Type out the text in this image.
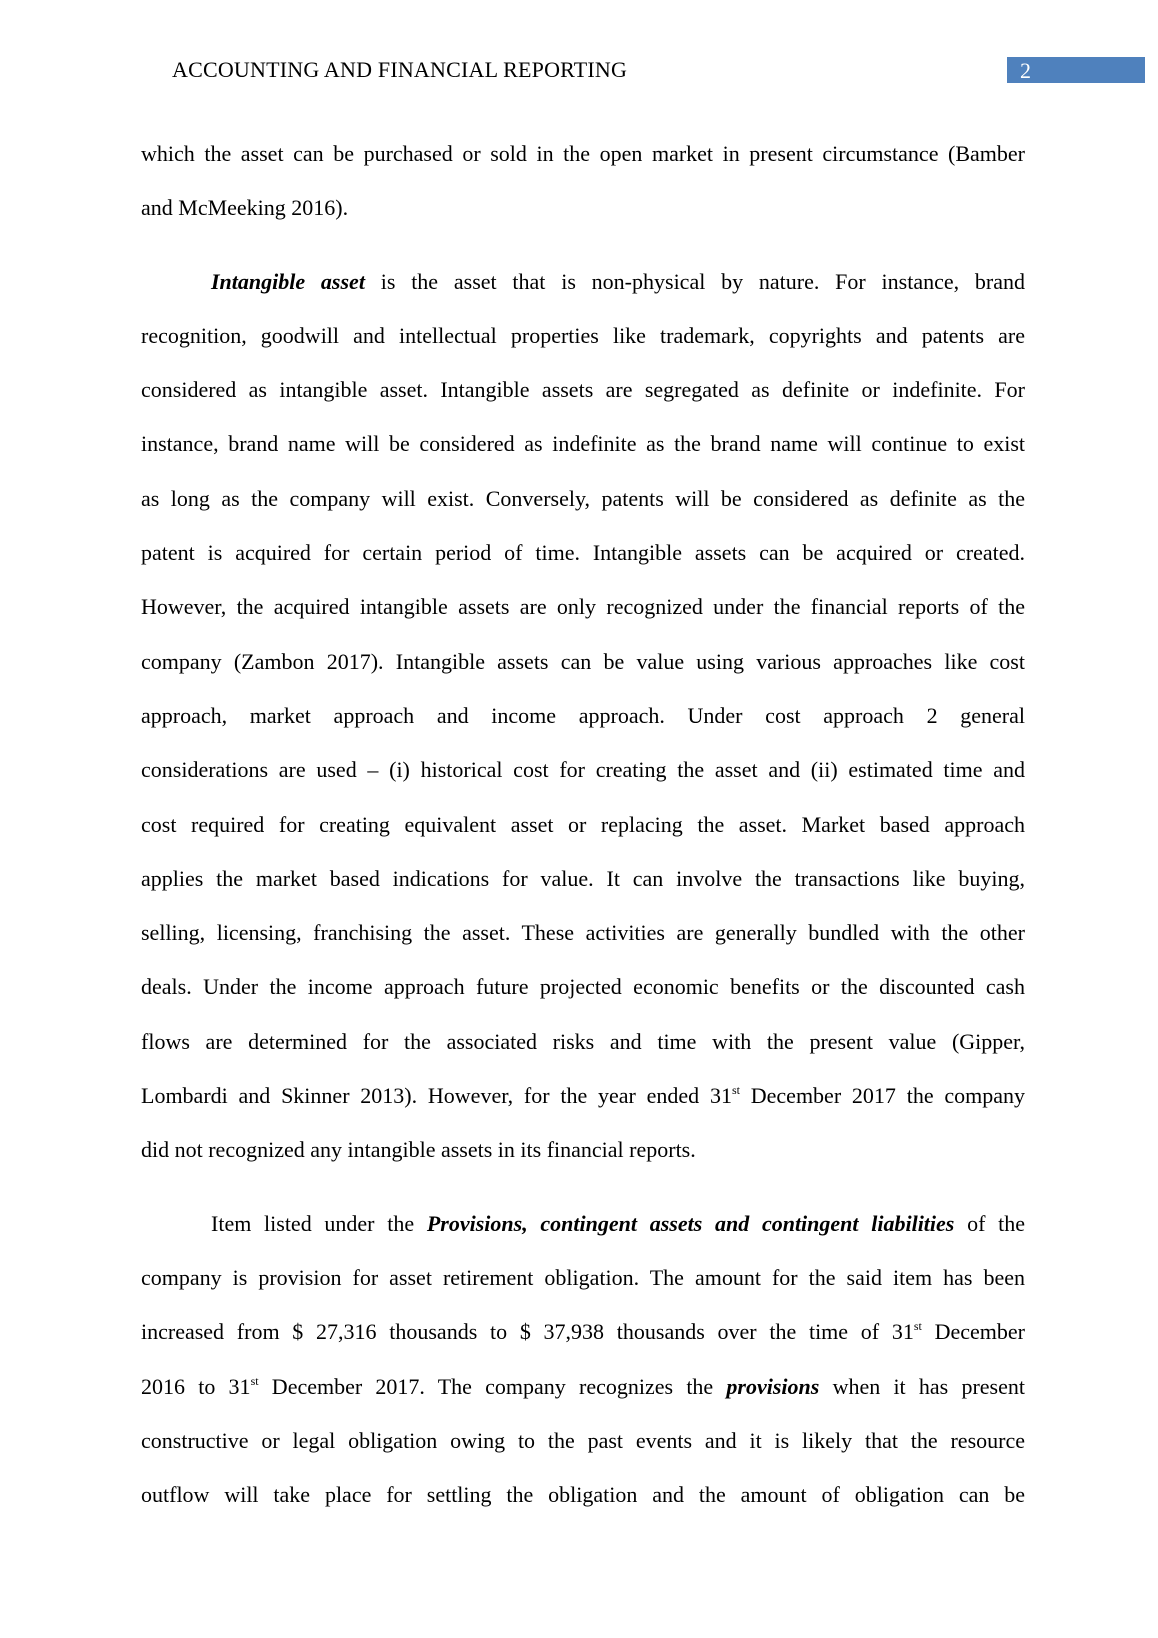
ACCOUNTING AND FINANCIAL REPORTING	2
which the asset can be purchased or sold in the open market in present circumstance (Bamber
and McMeeking 2016).
Intangible asset is the asset that is non-physical by nature. For instance, brand
recognition, goodwill and intellectual properties like trademark, copyrights and patents are
considered as intangible asset. Intangible assets are segregated as definite or indefinite. For
instance, brand name will be considered as indefinite as the brand name will continue to exist
as long as the company will exist. Conversely, patents will be considered as definite as the
patent is acquired for certain period of time. Intangible assets can be acquired or created.
However, the acquired intangible assets are only recognized under the financial reports of the
company (Zambon 2017). Intangible assets can be value using various approaches like cost
approach, market approach and income approach. Under cost approach 2 general
considerations are used – (i) historical cost for creating the asset and (ii) estimated time and
cost required for creating equivalent asset or replacing the asset. Market based approach
applies the market based indications for value. It can involve the transactions like buying,
selling, licensing, franchising the asset. These activities are generally bundled with the other
deals. Under the income approach future projected economic benefits or the discounted cash
flows are determined for the associated risks and time with the present value (Gipper,
Lombardi and Skinner 2013). However, for the year ended 31st December 2017 the company
did not recognized any intangible assets in its financial reports.
Item listed under the Provisions, contingent assets and contingent liabilities of the
company is provision for asset retirement obligation. The amount for the said item has been
increased from $ 27,316 thousands to $ 37,938 thousands over the time of 31st December
2016 to 31st December 2017. The company recognizes the provisions when it has present
constructive or legal obligation owing to the past events and it is likely that the resource
outflow will take place for settling the obligation and the amount of obligation can be
